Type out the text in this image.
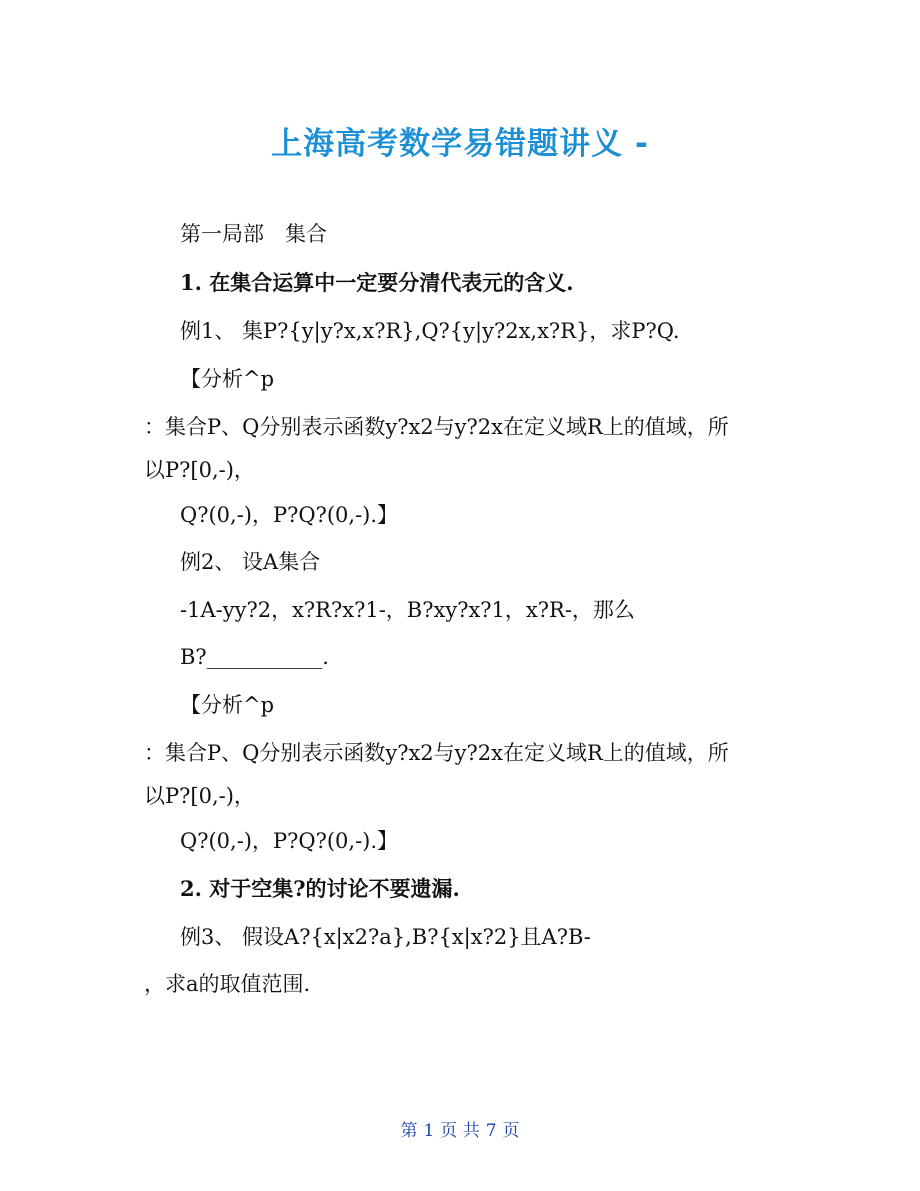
上海高考数学易错题讲义 -
第一局部　集合
1. 在集合运算中一定要分清代表元的含义.
例1、 集P?{y|y?x,x?R},Q?{y|y?2x,x?R}，求P?Q.
【分析^p
：集合P、Q分别表示函数y?x2与y?2x在定义域R上的值域，所
以P?[0,-)，
Q?(0,-)，P?Q?(0,-).】
例2、 设A集合
-1A-yy?2，x?R?x?1-，B?xy?x?1，x?R-，那么
B?___________.
【分析^p
：集合P、Q分别表示函数y?x2与y?2x在定义域R上的值域，所
以P?[0,-)，
Q?(0,-)，P?Q?(0,-).】
2. 对于空集?的讨论不要遗漏.
例3、 假设A?{x|x2?a},B?{x|x?2}且A?B-
，求a的取值范围.
第 1 页 共 7 页
